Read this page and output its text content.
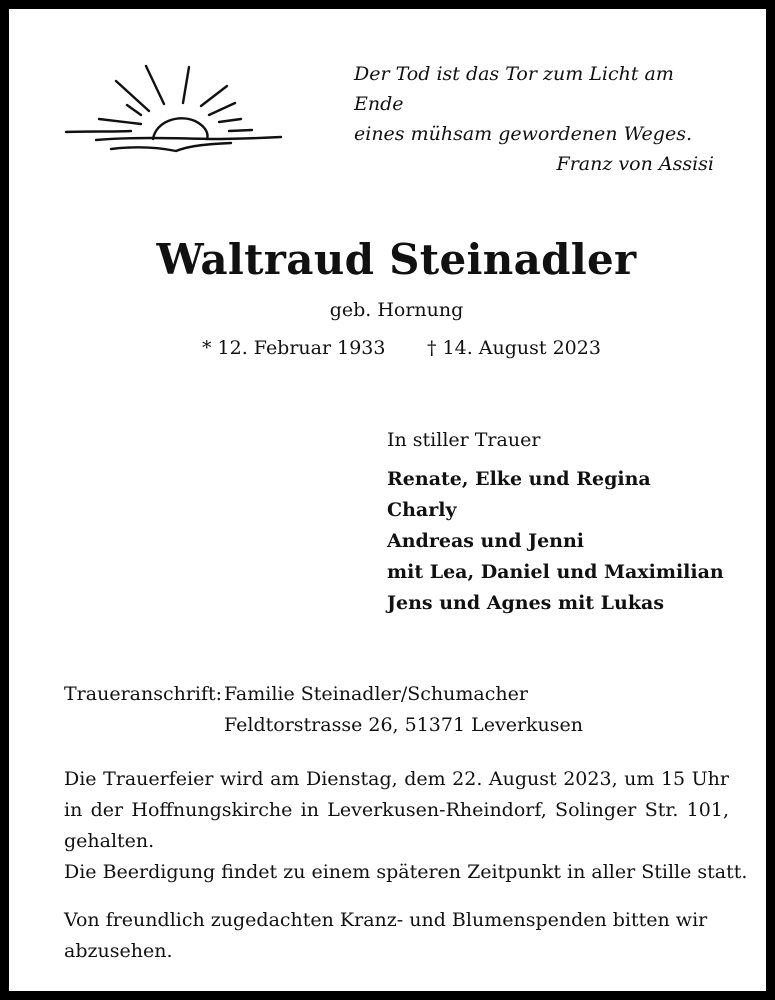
Der Tod ist das Tor zum Licht am Ende
eines mühsam gewordenen Weges.
Franz von Assisi
Waltraud Steinadler
geb. Hornung
* 12. Februar 1933 † 14. August 2023
In stiller Trauer
Renate, Elke und Regina
Charly
Andreas und Jenni
mit Lea, Daniel und Maximilian
Jens und Agnes mit Lukas
Traueranschrift: Familie Steinadler/Schumacher
Feldtorstrasse 26, 51371 Leverkusen
Die Trauerfeier wird am Dienstag, dem 22. August 2023, um 15 Uhr in der Hoffnungskirche in Leverkusen-Rheindorf, Solinger Str. 101, gehalten.
Die Beerdigung findet zu einem späteren Zeitpunkt in aller Stille statt.
Von freundlich zugedachten Kranz- und Blumenspenden bitten wir abzusehen.
